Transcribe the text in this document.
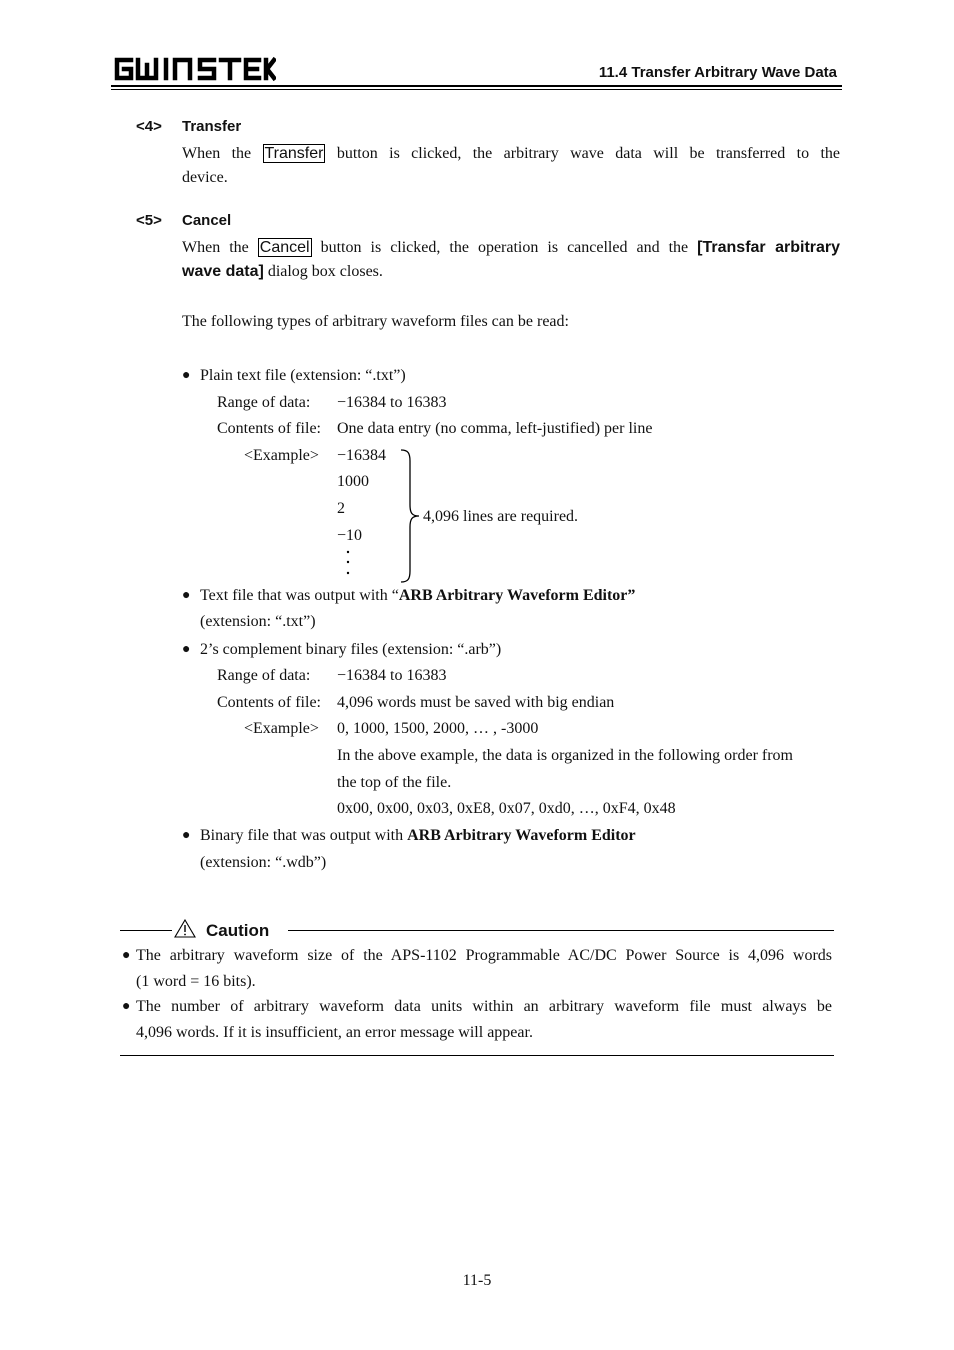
11.4 Transfer Arbitrary Wave Data
<4> Transfer
When the Transfer button is clicked, the arbitrary wave data will be transferred to the
device.
<5> Cancel
When the Cancel button is clicked, the operation is cancelled and the [Transfar arbitrary
wave data] dialog box closes.
The following types of arbitrary waveform files can be read:
● Plain text file (extension: “.txt”)
Range of data: −16384 to 16383
Contents of file: One data entry (no comma, left-justified) per line
<Example> −16384
1000
2
−10
4,096 lines are required.
● Text file that was output with “ARB Arbitrary Waveform Editor”
(extension: “.txt”)
● 2’s complement binary files (extension: “.arb”)
Range of data: −16384 to 16383
Contents of file: 4,096 words must be saved with big endian
<Example> 0, 1000, 1500, 2000, … , -3000
In the above example, the data is organized in the following order from
the top of the file.
0x00, 0x00, 0x03, 0xE8, 0x07, 0xd0, …, 0xF4, 0x48
● Binary file that was output with ARB Arbitrary Waveform Editor
(extension: “.wdb”)
Caution
● The arbitrary waveform size of the APS-1102 Programmable AC/DC Power Source is 4,096 words
(1 word = 16 bits).
● The number of arbitrary waveform data units within an arbitrary waveform file must always be
4,096 words. If it is insufficient, an error message will appear.
11-5
